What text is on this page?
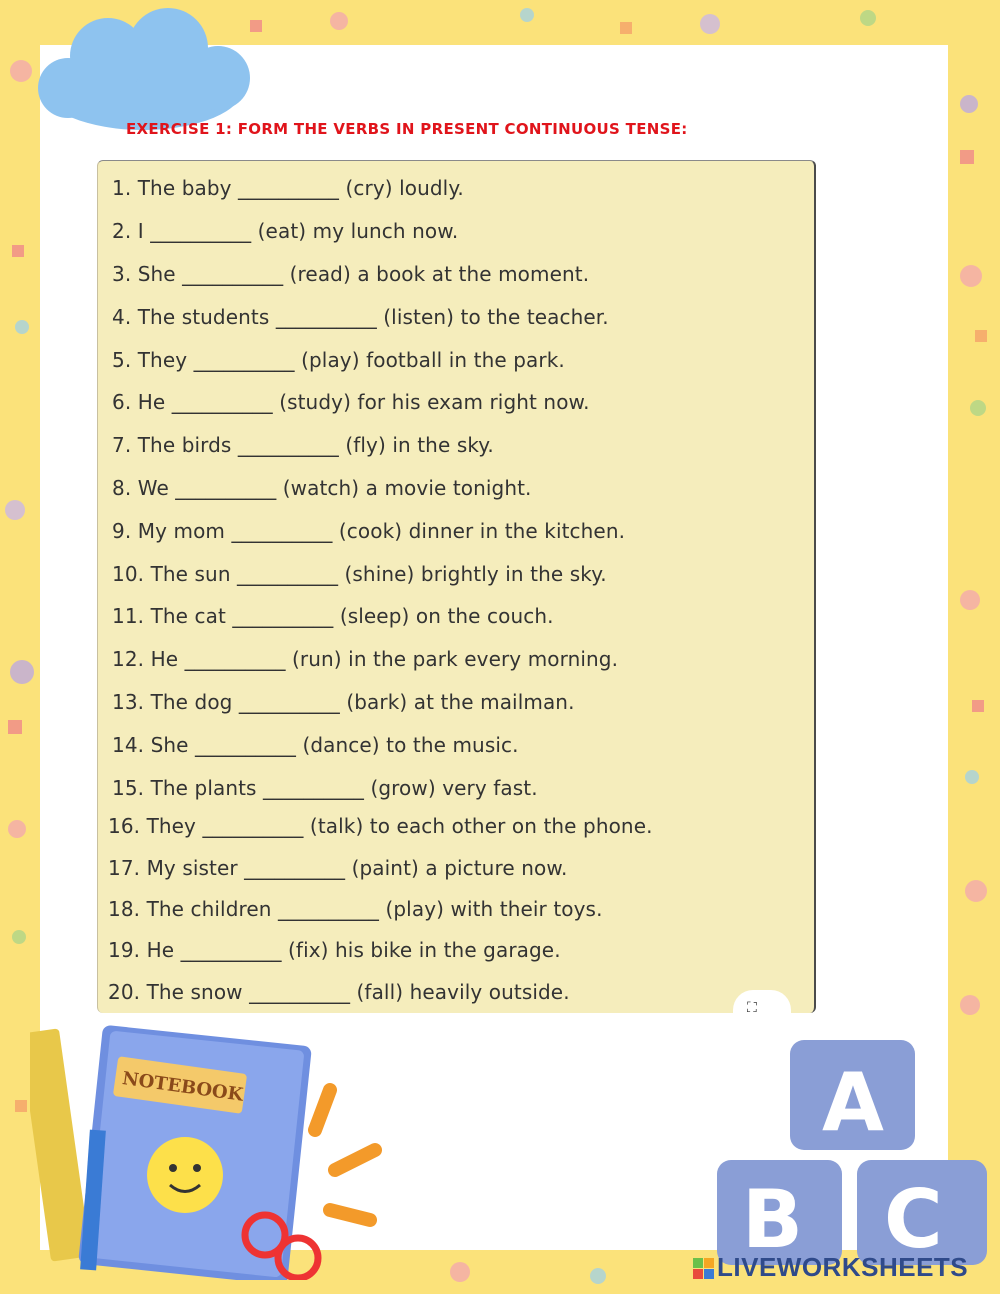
EXERCISE 1: FORM THE VERBS IN PRESENT CONTINUOUS TENSE:
1. The baby __________ (cry) loudly.
2. I __________ (eat) my lunch now.
3. She __________ (read) a book at the moment.
4. The students __________ (listen) to the teacher.
5. They __________ (play) football in the park.
6. He __________ (study) for his exam right now.
7. The birds __________ (fly) in the sky.
8. We __________ (watch) a movie tonight.
9. My mom __________ (cook) dinner in the kitchen.
10. The sun __________ (shine) brightly in the sky.
11. The cat __________ (sleep) on the couch.
12. He __________ (run) in the park every morning.
13. The dog __________ (bark) at the mailman.
14. She __________ (dance) to the music.
15. The plants __________ (grow) very fast.
16. They __________ (talk) to each other on the phone.
17. My sister __________ (paint) a picture now.
18. The children __________ (play) with their toys.
19. He __________ (fix) his bike in the garage.
20. The snow __________ (fall) heavily outside.
⛶
NOTEBOOK	A
B C
LIVEWORKSHEETS
